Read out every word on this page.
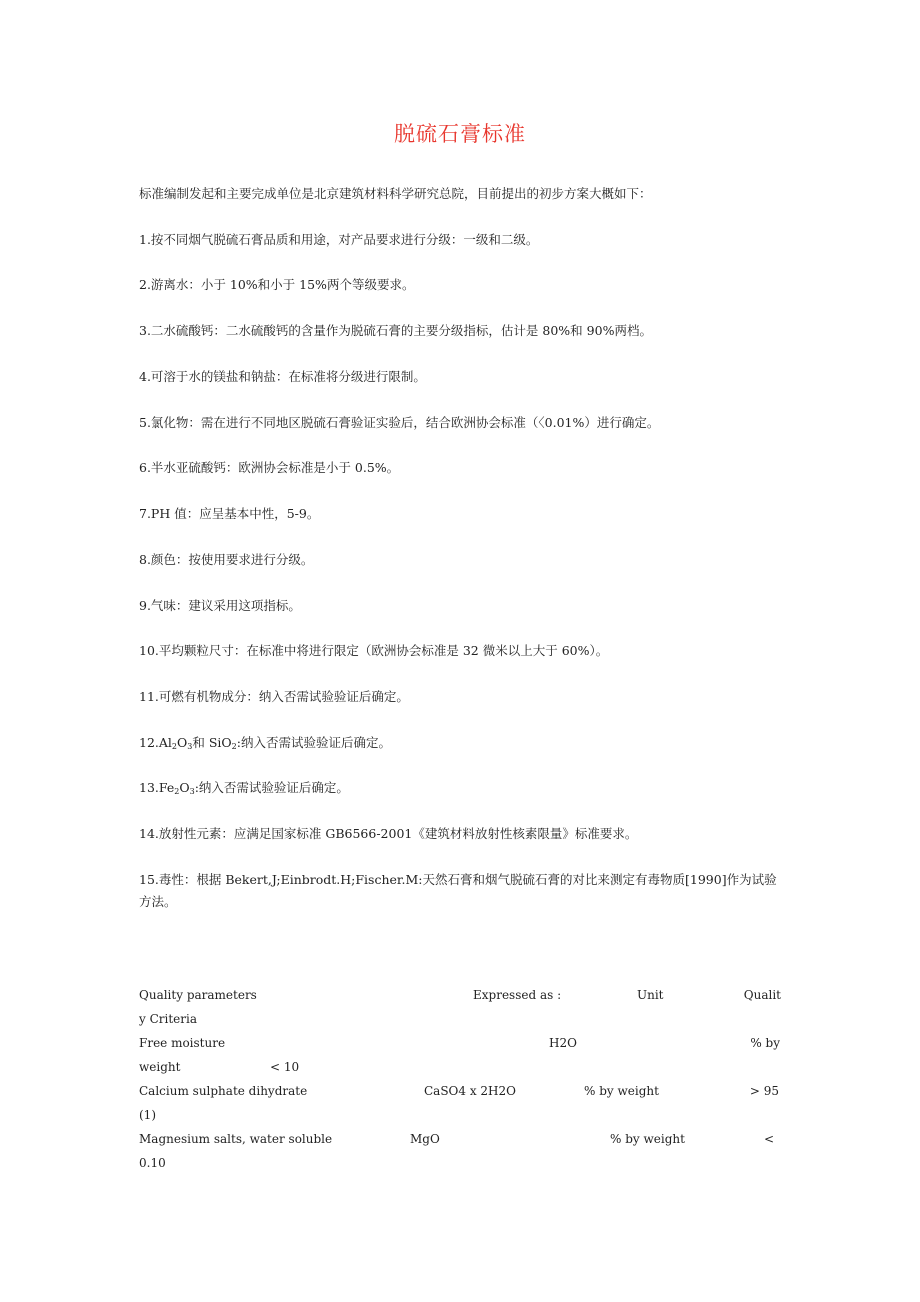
脱硫石膏标准
标准编制发起和主要完成单位是北京建筑材料科学研究总院，目前提出的初步方案大概如下：
1.按不同烟气脱硫石膏品质和用途，对产品要求进行分级：一级和二级。
2.游离水：小于 10%和小于 15%两个等级要求。
3.二水硫酸钙：二水硫酸钙的含量作为脱硫石膏的主要分级指标，估计是 80%和 90%两档。
4.可溶于水的镁盐和钠盐：在标准将分级进行限制。
5.氯化物：需在进行不同地区脱硫石膏验证实验后，结合欧洲协会标准（〈0.01%）进行确定。
6.半水亚硫酸钙：欧洲协会标准是小于 0.5%。
7.PH 值：应呈基本中性，5-9。
8.颜色：按使用要求进行分级。
9.气味：建议采用这项指标。
10.平均颗粒尺寸：在标准中将进行限定（欧洲协会标准是 32 微米以上大于 60%）。
11.可燃有机物成分：纳入否需试验验证后确定。
$12.Al_2O_3$和 SiO$_2$:纳入否需试验验证后确定。
$13.Fe_2O_3$:纳入否需试验验证后确定。
14.放射性元素：应满足国家标准 GB6566-2001《建筑材料放射性核素限量》标准要求。
15.毒性：根据 Bekert,J;Einbrodt.H;Fischer.M:天然石膏和烟气脱硫石膏的对比来测定有毒物质[1990]作为试验方法。
Quality parameters	Expressed as :	Unit	Qualit
y Criteria
Free moisture	H2O	% by
weight	< 10
Calcium sulphate dihydrate	CaSO4 x 2H2O	% by weight	> 95
(1)
Magnesium salts, water soluble	MgO	% by weight	<
0.10
